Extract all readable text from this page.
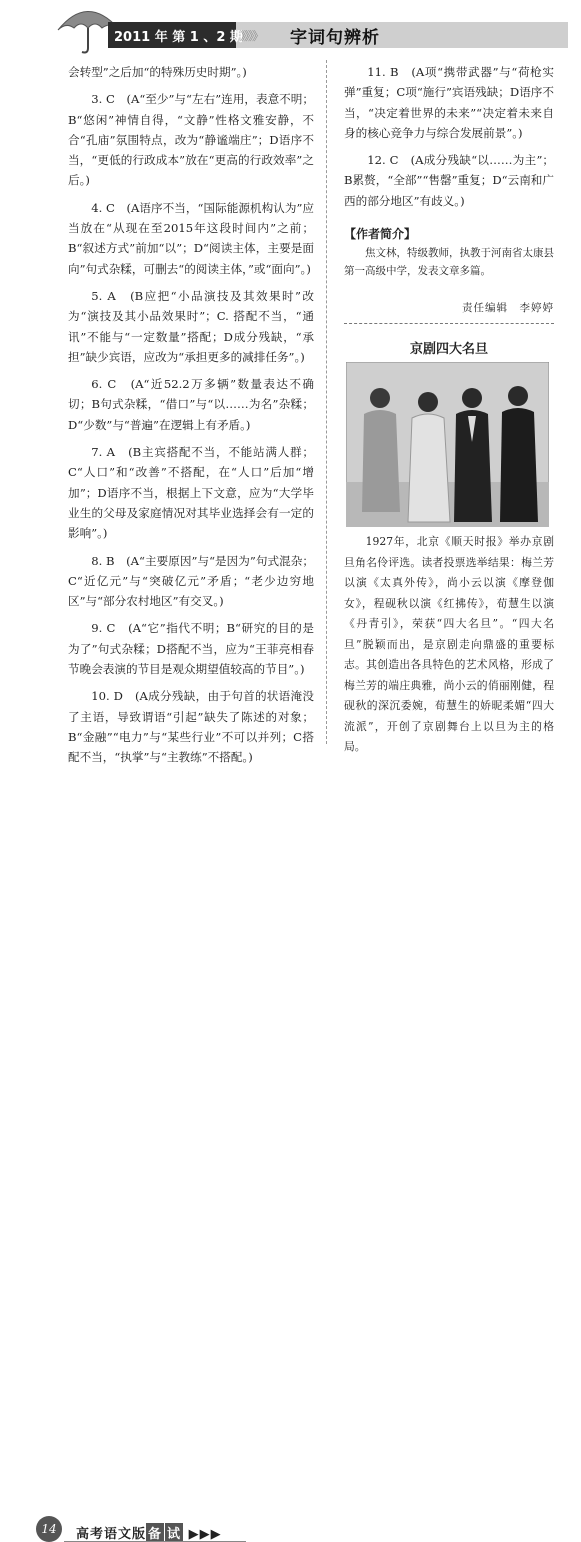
2011 年 第 1 、2 期
》》》》 字词句辨析

会转型”之后加“的特殊历史时期”。)

3. C　(A“至少”与“左右”连用，表意不明；B“悠闲”神情自得，“文静”性格文雅安静，不合“孔庙”氛围特点，改为“静谧端庄”；D语序不当，“更低的行政成本”放在“更高的行政效率”之后。)

4. C　(A语序不当，“国际能源机构认为”应当放在“从现在至2015年这段时间内”之前；B“叙述方式”前加“以”；D“阅读主体，主要是面向”句式杂糅，可删去“的阅读主体，”或“面向”。)

5. A　(B应把“小品演技及其效果时”改为“演技及其小品效果时”；C. 搭配不当，“通讯”不能与“一定数量”搭配；D成分残缺，“承担”缺少宾语，应改为“承担更多的减排任务”。)

6. C　(A“近52.2万多辆”数量表达不确切；B句式杂糅，“借口”与“以……为名”杂糅；D“少数”与“普遍”在逻辑上有矛盾。)

7. A　(B主宾搭配不当，不能站满人群；C“人口”和“改善”不搭配，在“人口”后加“增加”；D语序不当，根据上下文意，应为“大学毕业生的父母及家庭情况对其毕业选择会有一定的影响”。)

8. B　(A“主要原因”与“是因为”句式混杂；C“近亿元”与“突破亿元”矛盾；“老少边穷地区”与“部分农村地区”有交叉。)

9. C　(A“它”指代不明；B“研究的目的是为了”句式杂糅；D搭配不当，应为“王菲亮相春节晚会表演的节目是观众期望值较高的节目”。)

10. D　(A成分残缺，由于句首的状语淹没了主语，导致谓语“引起”缺失了陈述的对象；B“金融”“电力”与“某些行业”不可以并列；C搭配不当，“执掌”与“主教练”不搭配。)

11. B　(A项“携带武器”与“荷枪实弹”重复；C项“施行”宾语残缺；D语序不当，“决定着世界的未来”“决定着未来自身的核心竞争力与综合发展前景”。)

12. C　(A成分残缺“以……为主”；B累赘，“全部”“售罄”重复；D“云南和广西的部分地区”有歧义。)

【作者简介】
焦文林，特级教师，执教于河南省太康县第一高级中学，发表文章多篇。
责任编辑　李婷婷
京剧四大名旦

1927年，北京《顺天时报》举办京剧旦角名伶评选。读者投票选举结果：梅兰芳以演《太真外传》，尚小云以演《摩登伽女》，程砚秋以演《红拂传》，荀慧生以演《丹青引》，荣获“四大名旦”。“四大名旦”脱颖而出，是京剧走向鼎盛的重要标志。其创造出各具特色的艺术风格，形成了梅兰芳的端庄典雅，尚小云的俏丽刚健，程砚秋的深沉委婉，荀慧生的娇昵柔媚“四大流派”，开创了京剧舞台上以旦为主的格局。

14	高考语文版 备 试 ▶▶▶
